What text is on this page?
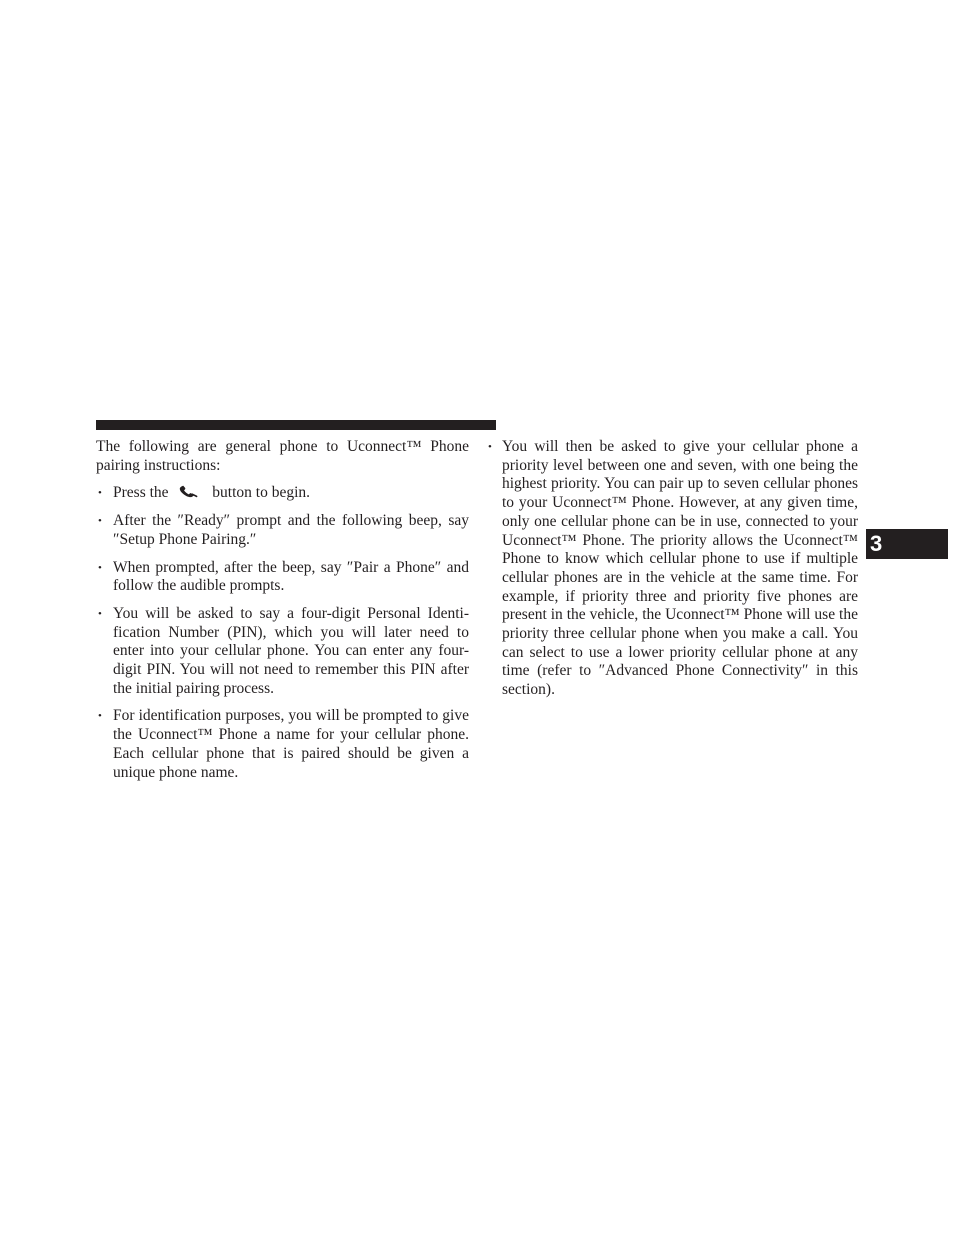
The following are general phone to Uconnect™ Phone pairing instructions:

• Press the	button to begin.
• After the ″Ready″ prompt and the following beep, say ″Setup Phone Pairing.″
• When prompted, after the beep, say ″Pair a Phone″ and follow the audible prompts.
• You will be asked to say a four-digit Personal Identification Number (PIN), which you will later need to enter into your cellular phone. You can enter any four-digit PIN. You will not need to remember this PIN after the initial pairing process.
• For identification purposes, you will be prompted to give the Uconnect™ Phone a name for your cellular phone. Each cellular phone that is paired should be given a unique phone name.
• You will then be asked to give your cellular phone a priority level between one and seven, with one being the highest priority. You can pair up to seven cellular phones to your Uconnect™ Phone. However, at any given time, only one cellular phone can be in use, connected to your Uconnect™ Phone. The priority allows the Uconnect™ Phone to know which cellular phone to use if multiple cellular phones are in the vehicle at the same time. For example, if priority three and priority five phones are present in the vehicle, the Uconnect™ Phone will use the priority three cellular phone when you make a call. You can select to use a lower priority cellular phone at any time (refer to ″Advanced Phone Connectivity″ in this section).
3
